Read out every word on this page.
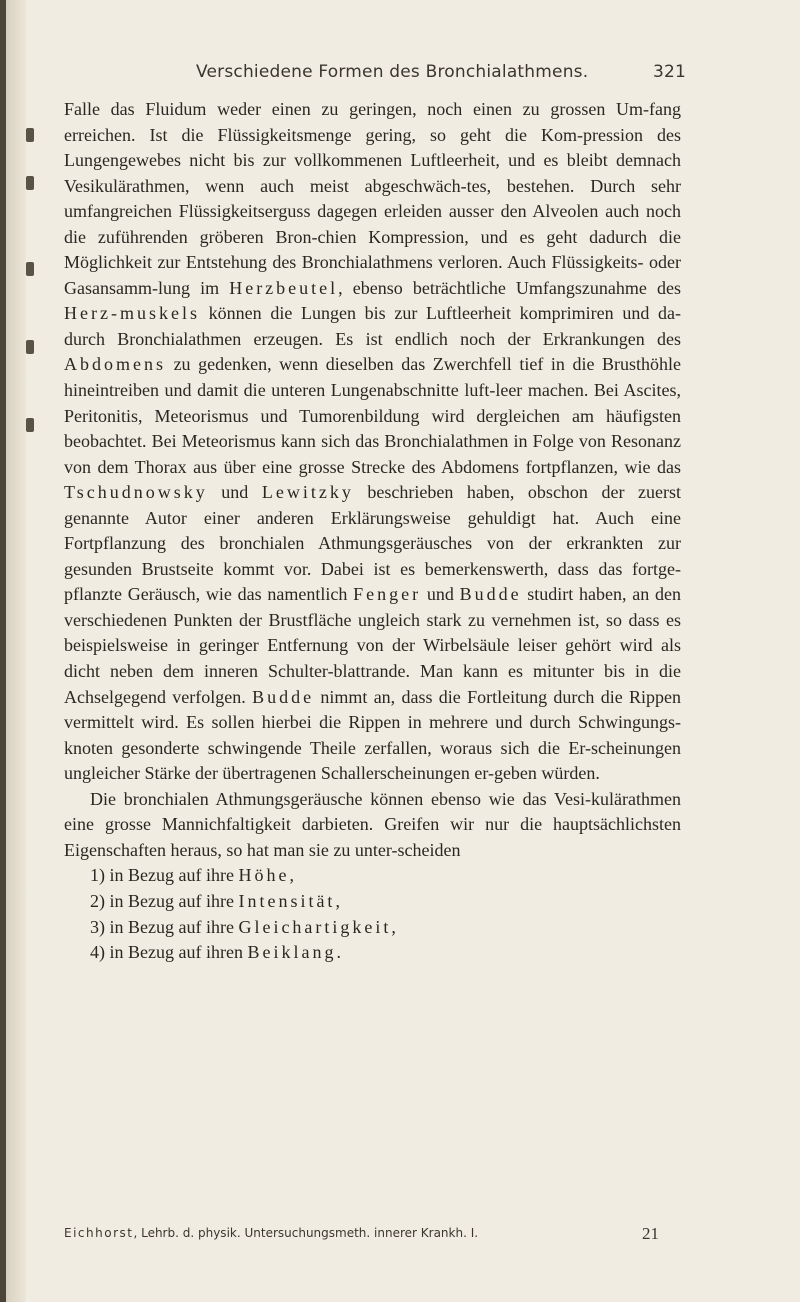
Verschiedene Formen des Bronchialathmens.	321

Falle das Fluidum weder einen zu geringen, noch einen zu grossen Um-fang erreichen. Ist die Flüssigkeitsmenge gering, so geht die Kom-pression des Lungengewebes nicht bis zur vollkommenen Luftleerheit, und es bleibt demnach Vesikulärathmen, wenn auch meist abgeschwäch-tes, bestehen. Durch sehr umfangreichen Flüssigkeitserguss dagegen erleiden ausser den Alveolen auch noch die zuführenden gröberen Bron-chien Kompression, und es geht dadurch die Möglichkeit zur Entstehung des Bronchialathmens verloren. Auch Flüssigkeits- oder Gasansamm-lung im Herzbeutel, ebenso beträchtliche Umfangszunahme des Herz-muskels können die Lungen bis zur Luftleerheit komprimiren und da-durch Bronchialathmen erzeugen. Es ist endlich noch der Erkrankungen des Abdomens zu gedenken, wenn dieselben das Zwerchfell tief in die Brusthöhle hineintreiben und damit die unteren Lungenabschnitte luft-leer machen. Bei Ascites, Peritonitis, Meteorismus und Tumorenbildung wird dergleichen am häufigsten beobachtet. Bei Meteorismus kann sich das Bronchialathmen in Folge von Resonanz von dem Thorax aus über eine grosse Strecke des Abdomens fortpflanzen, wie das Tschudnowsky und Lewitzky beschrieben haben, obschon der zuerst genannte Autor einer anderen Erklärungsweise gehuldigt hat. Auch eine Fortpflanzung des bronchialen Athmungsgeräusches von der erkrankten zur gesunden Brustseite kommt vor. Dabei ist es bemerkenswerth, dass das fortge-pflanzte Geräusch, wie das namentlich Fenger und Budde studirt haben, an den verschiedenen Punkten der Brustfläche ungleich stark zu vernehmen ist, so dass es beispielsweise in geringer Entfernung von der Wirbelsäule leiser gehört wird als dicht neben dem inneren Schulter-blattrande. Man kann es mitunter bis in die Achselgegend verfolgen. Budde nimmt an, dass die Fortleitung durch die Rippen vermittelt wird. Es sollen hierbei die Rippen in mehrere und durch Schwingungs-knoten gesonderte schwingende Theile zerfallen, woraus sich die Er-scheinungen ungleicher Stärke der übertragenen Schallerscheinungen er-geben würden.

Die bronchialen Athmungsgeräusche können ebenso wie das Vesi-kulärathmen eine grosse Mannichfaltigkeit darbieten. Greifen wir nur die hauptsächlichsten Eigenschaften heraus, so hat man sie zu unter-scheiden

1) in Bezug auf ihre Höhe,
2) in Bezug auf ihre Intensität,
3) in Bezug auf ihre Gleichartigkeit,
4) in Bezug auf ihren Beiklang.
Eichhorst, Lehrb. d. physik. Untersuchungsmeth. innerer Krankh. I.	21
